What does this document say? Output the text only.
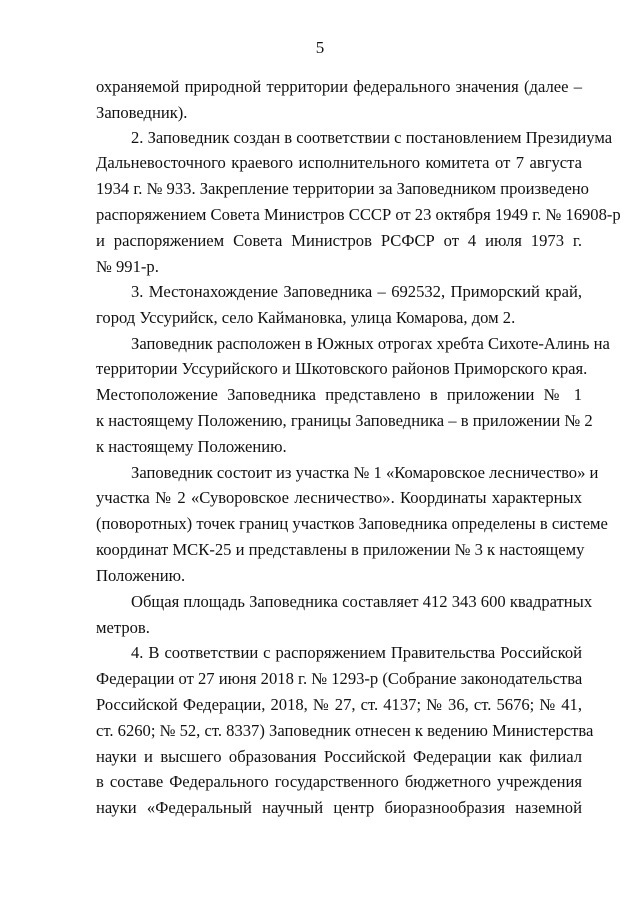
5
охраняемой природной территории федерального значения (далее –
Заповедник).
2. Заповедник создан в соответствии с постановлением Президиума
Дальневосточного краевого исполнительного комитета от 7 августа
1934 г. № 933. Закрепление территории за Заповедником произведено
распоряжением Совета Министров СССР от 23 октября 1949 г. № 16908-р
и распоряжением Совета Министров РСФСР от 4 июля 1973 г.
№ 991-р.
3. Местонахождение Заповедника – 692532, Приморский край,
город Уссурийск, село Каймановка, улица Комарова, дом 2.
Заповедник расположен в Южных отрогах хребта Сихоте-Алинь на
территории Уссурийского и Шкотовского районов Приморского края.
Местоположение Заповедника представлено в приложении № 1
к настоящему Положению, границы Заповедника – в приложении № 2
к настоящему Положению.
Заповедник состоит из участка № 1 «Комаровское лесничество» и
участка № 2 «Суворовское лесничество». Координаты характерных
(поворотных) точек границ участков Заповедника определены в системе
координат МСК-25 и представлены в приложении № 3 к настоящему
Положению.
Общая площадь Заповедника составляет 412 343 600 квадратных
метров.
4. В соответствии с распоряжением Правительства Российской
Федерации от 27 июня 2018 г. № 1293-р (Собрание законодательства
Российской Федерации, 2018, № 27, ст. 4137; № 36, ст. 5676; № 41,
ст. 6260; № 52, ст. 8337) Заповедник отнесен к ведению Министерства
науки и высшего образования Российской Федерации как филиал
в составе Федерального государственного бюджетного учреждения
науки «Федеральный научный центр биоразнообразия наземной
